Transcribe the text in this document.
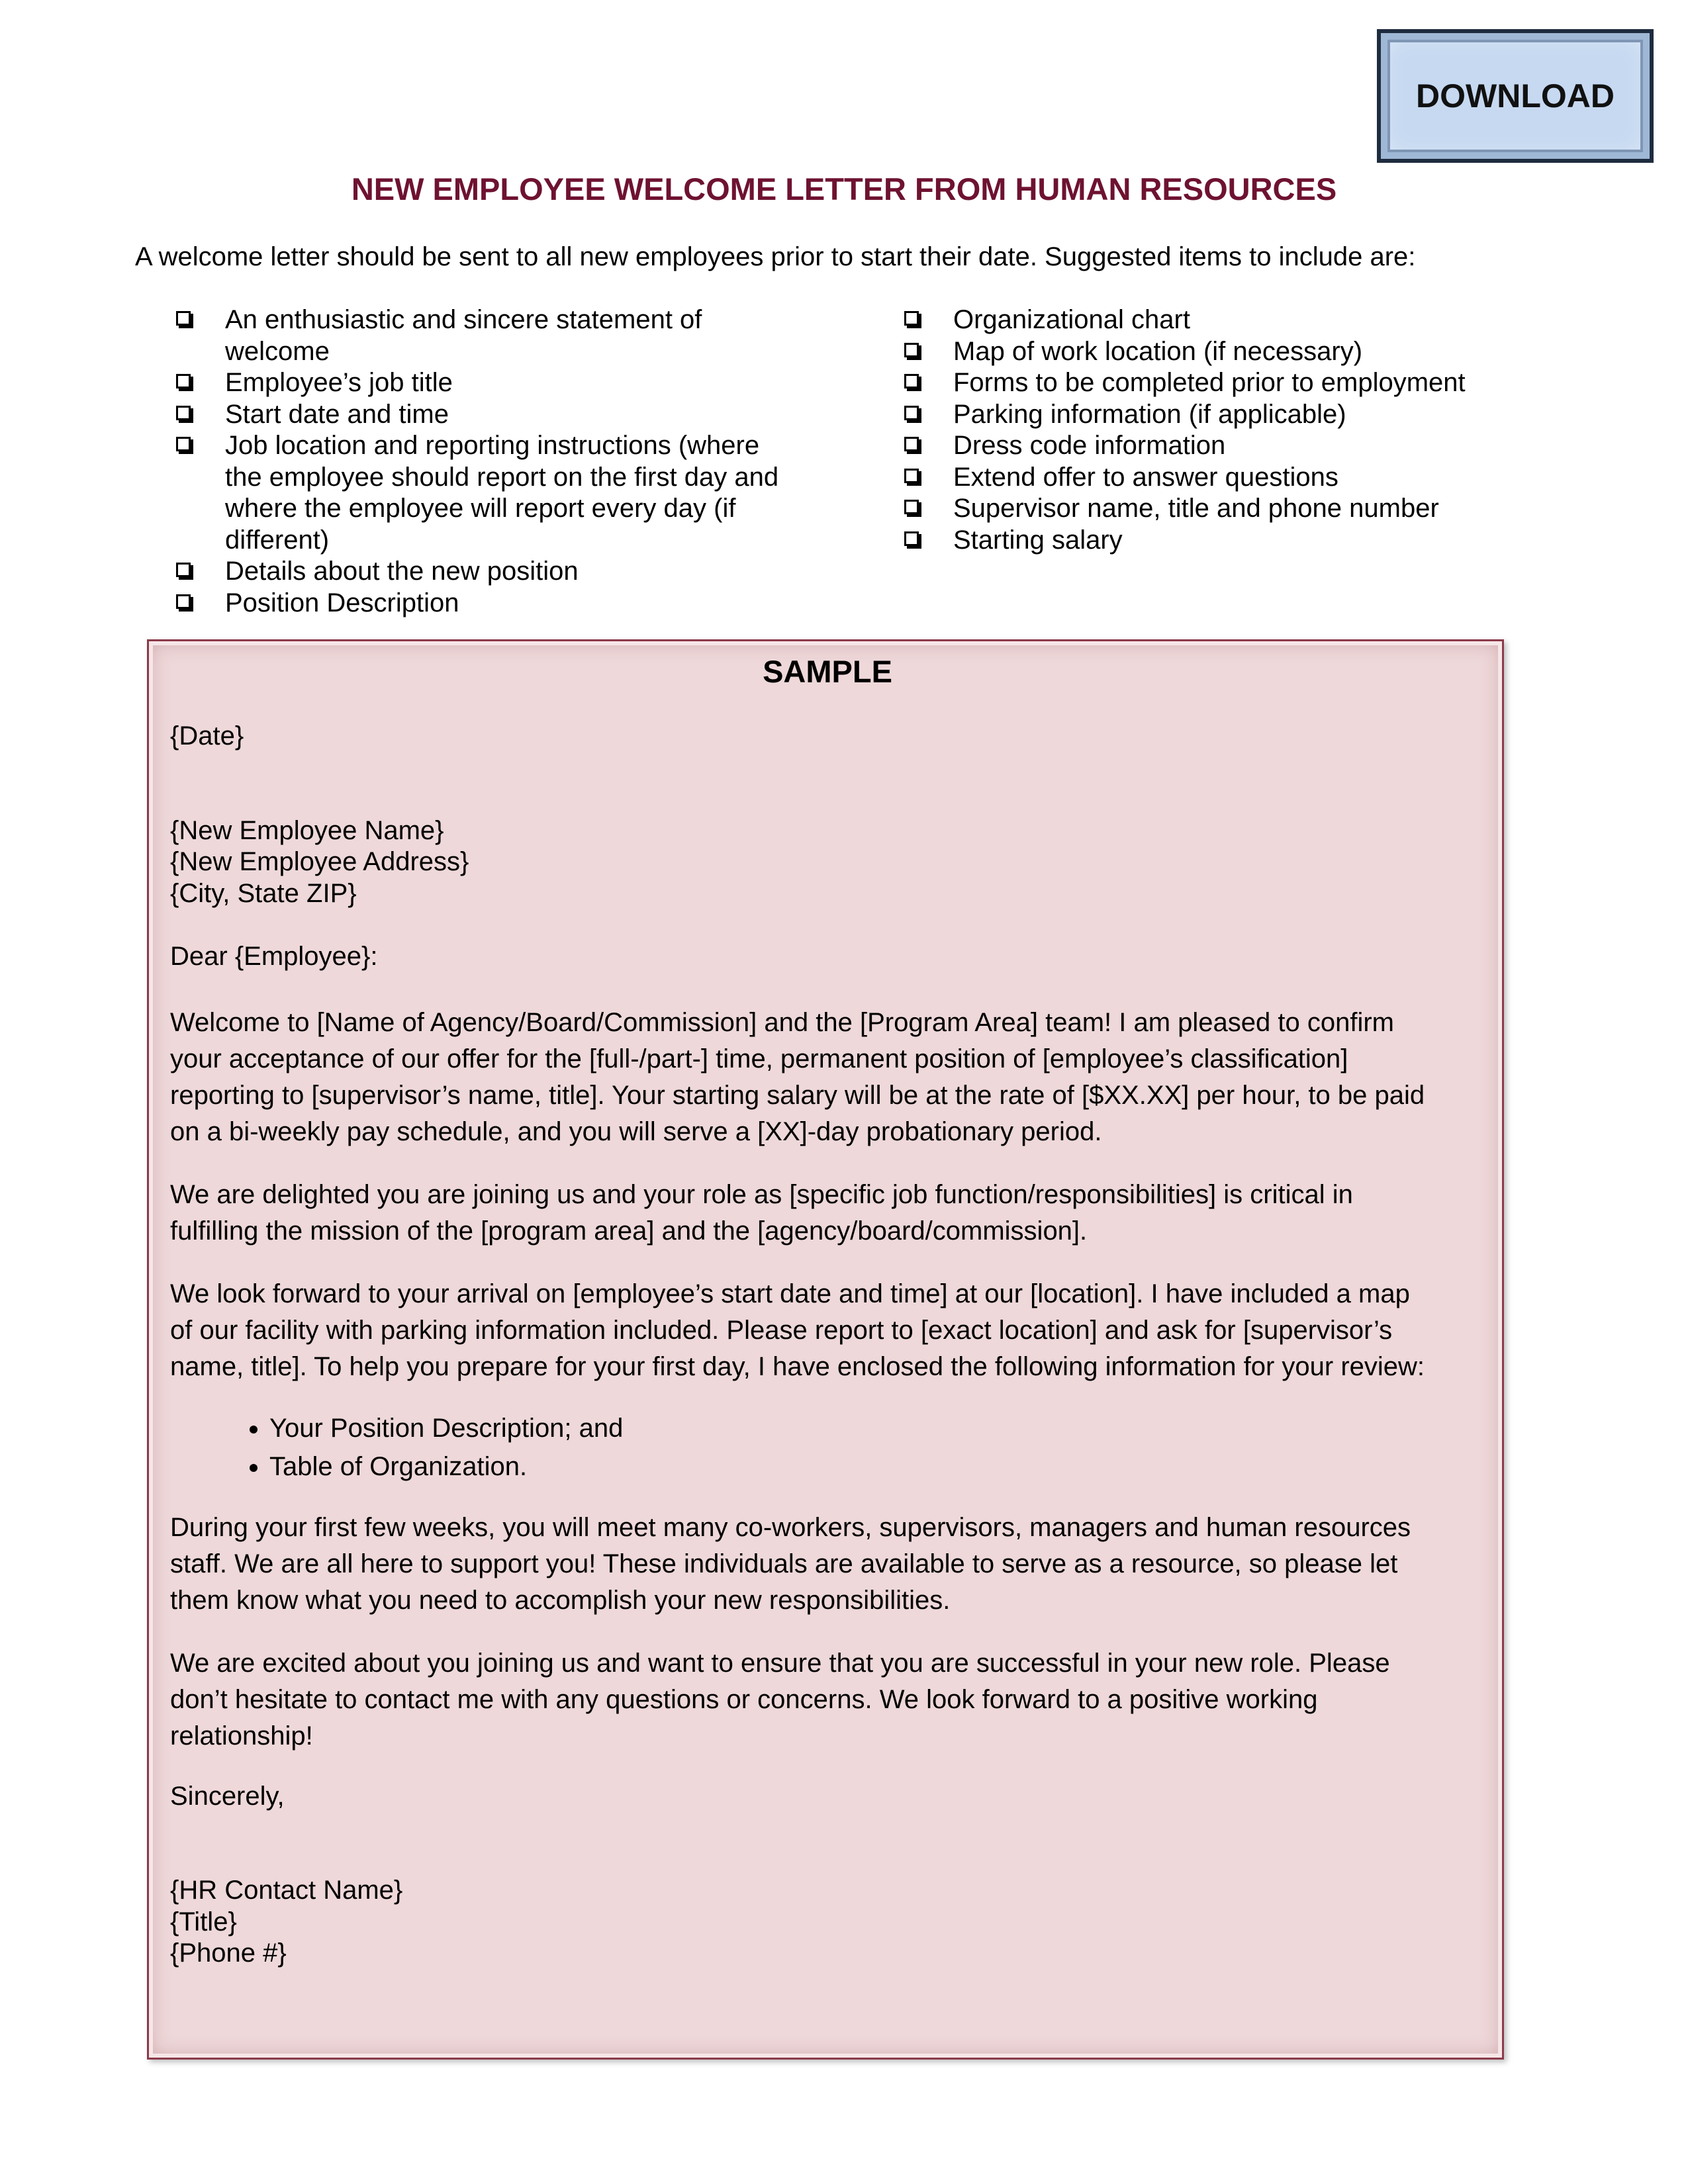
DOWNLOAD
NEW EMPLOYEE WELCOME LETTER FROM HUMAN RESOURCES
A welcome letter should be sent to all new employees prior to start their date. Suggested items to include are:
An enthusiastic and sincere statement of
welcome
Employee’s job title
Start date and time
Job location and reporting instructions (where
the employee should report on the first day and
where the employee will report every day (if
different)
Details about the new position
Position Description
Organizational chart
Map of work location (if necessary)
Forms to be completed prior to employment
Parking information (if applicable)
Dress code information
Extend offer to answer questions
Supervisor name, title and phone number
Starting salary
SAMPLE

{Date}

{New Employee Name}
{New Employee Address}
{City, State ZIP}

Dear {Employee}:

Welcome to [Name of Agency/Board/Commission] and the [Program Area] team! I am pleased to confirm
your acceptance of our offer for the [full-/part-] time, permanent position of [employee’s classification]
reporting to [supervisor’s name, title]. Your starting salary will be at the rate of [$XX.XX] per hour, to be paid
on a bi-weekly pay schedule, and you will serve a [XX]-day probationary period.

We are delighted you are joining us and your role as [specific job function/responsibilities] is critical in
fulfilling the mission of the [program area] and the [agency/board/commission].

We look forward to your arrival on [employee’s start date and time] at our [location]. I have included a map
of our facility with parking information included. Please report to [exact location] and ask for [supervisor’s
name, title]. To help you prepare for your first day, I have enclosed the following information for your review:

• Your Position Description; and
• Table of Organization.

During your first few weeks, you will meet many co-workers, supervisors, managers and human resources
staff. We are all here to support you! These individuals are available to serve as a resource, so please let
them know what you need to accomplish your new responsibilities.

We are excited about you joining us and want to ensure that you are successful in your new role. Please
don’t hesitate to contact me with any questions or concerns. We look forward to a positive working
relationship!

Sincerely,

{HR Contact Name}
{Title}
{Phone #}
